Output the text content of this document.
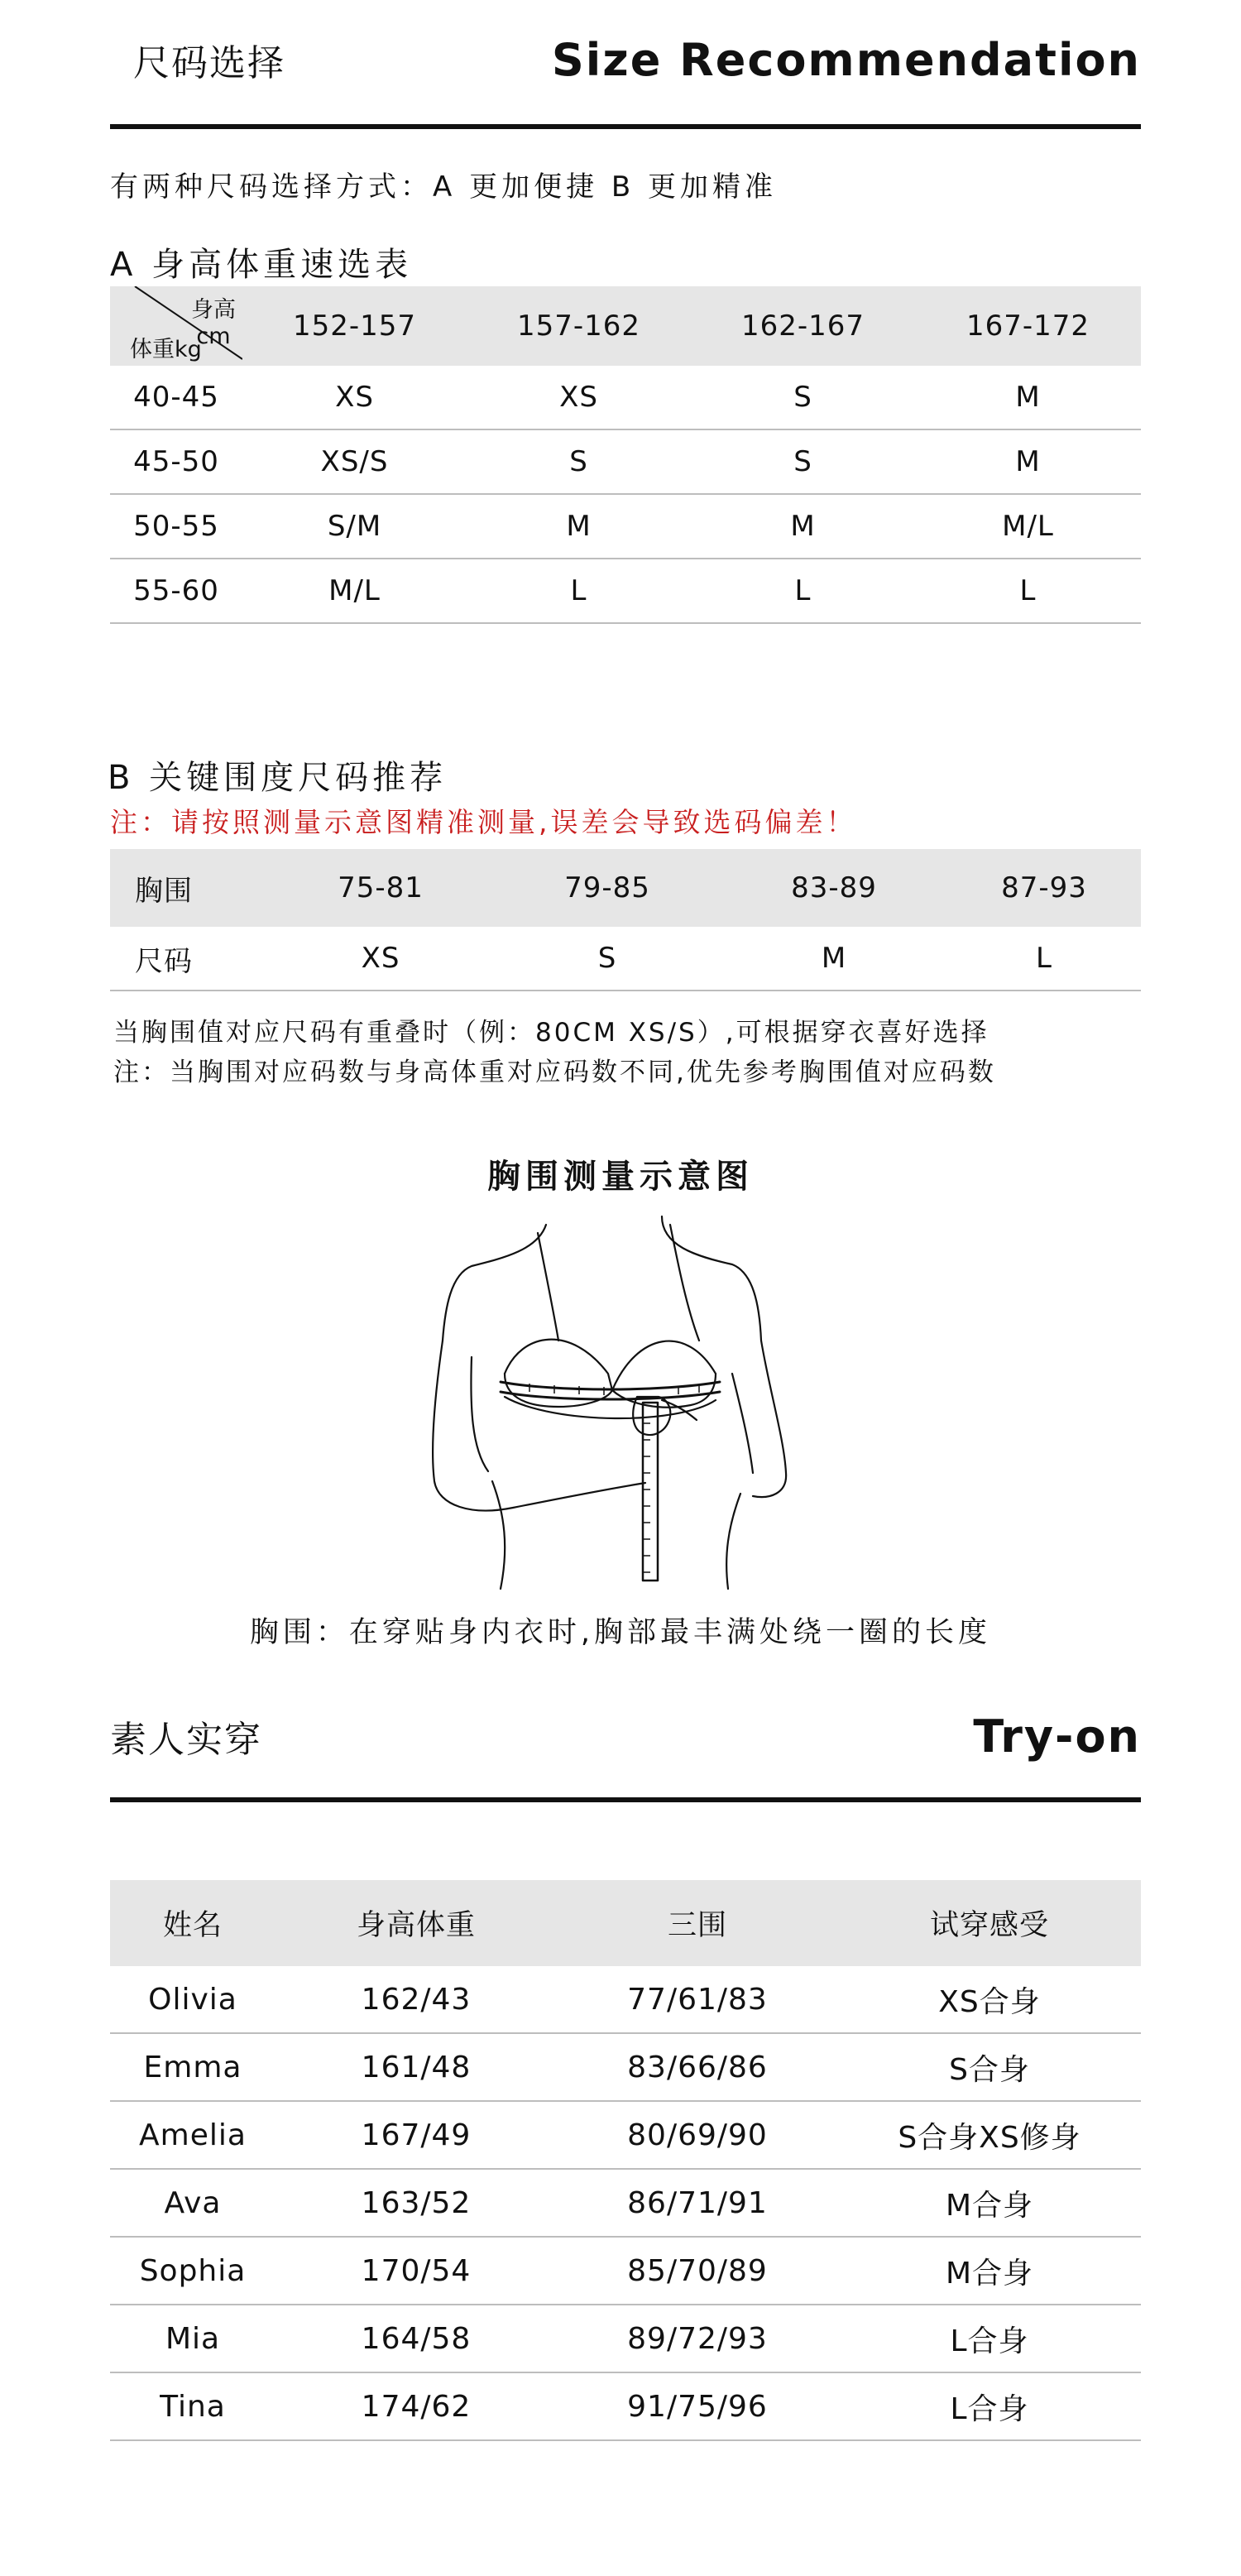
尺码选择	Size Recommendation
有两种尺码选择方式：A 更加便捷 B 更加精准
A 身高体重速选表
身高cm
体重kg	152-157	157-162	162-167	167-172
40-45	XS	XS	S	M
45-50	XS/S	S	S	M
50-55	S/M	M	M	M/L
55-60	M/L	L	L	L
B 关键围度尺码推荐
注：请按照测量示意图精准测量,误差会导致选码偏差！
胸围	75-81	79-85	83-89	87-93
尺码	XS	S	M	L
当胸围值对应尺码有重叠时（例：80CM XS/S）,可根据穿衣喜好选择
注：当胸围对应码数与身高体重对应码数不同,优先参考胸围值对应码数
胸围测量示意图
胸围：在穿贴身内衣时,胸部最丰满处绕一圈的长度
素人实穿	Try-on
姓名	身高体重	三围	试穿感受
Olivia	162/43	77/61/83	XS合身
Emma	161/48	83/66/86	S合身
Amelia	167/49	80/69/90	S合身XS修身
Ava	163/52	86/71/91	M合身
Sophia	170/54	85/70/89	M合身
Mia	164/58	89/72/93	L合身
Tina	174/62	91/75/96	L合身
